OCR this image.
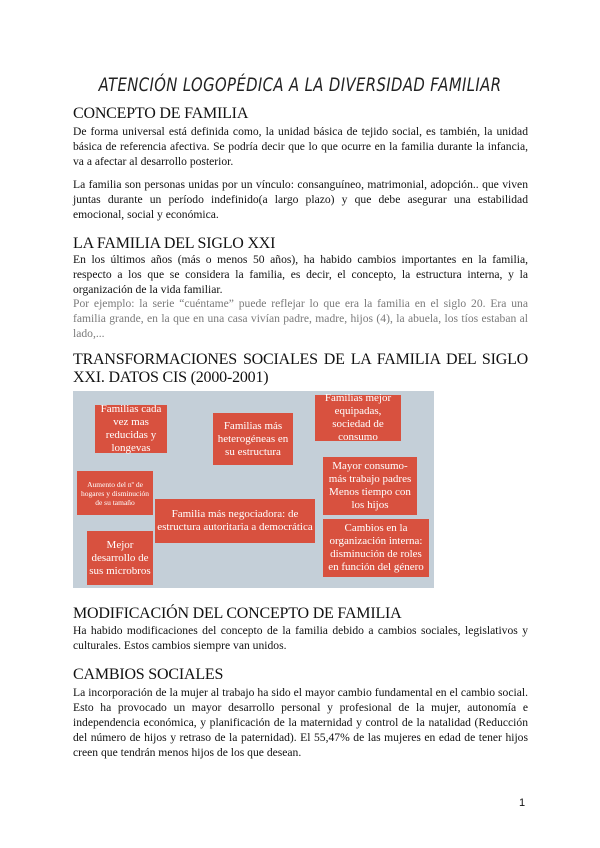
ATENCIÓN LOGOPÉDICA A LA DIVERSIDAD FAMILIAR
CONCEPTO DE FAMILIA

De forma universal está definida como, la unidad básica de tejido social, es también, la unidad básica de referencia afectiva. Se podría decir que lo que ocurre en la familia durante la infancia, va a afectar al desarrollo posterior.

La familia son personas unidas por un vínculo: consanguíneo, matrimonial, adopción.. que viven juntas durante un período indefinido(a largo plazo) y que debe asegurar una estabilidad emocional, social y económica.

LA FAMILIA DEL SIGLO XXI

En los últimos años (más o menos 50 años), ha habido cambios importantes en la familia, respecto a los que se considera la familia, es decir, el concepto, la estructura interna, y la organización de la vida familiar.

Por ejemplo: la serie “cuéntame” puede reflejar lo que era la familia en el siglo 20. Era una familia grande, en la que en una casa vivían padre, madre, hijos (4), la abuela, los tíos estaban al lado,...

TRANSFORMACIONES SOCIALES DE LA FAMILIA DEL SIGLO XXI. DATOS CIS (2000-2001)
Familias cada vez mas reducidas y longevas
Familias más heterogéneas en su estructura
Familias mejor equipadas, sociedad de consumo
Aumento del nº de hogares y disminución de su tamaño
Mayor consumo-más trabajo padres Menos tiempo con los hijos
Familia más negociadora: de estructura autoritaria a democrática
Mejor desarrollo de sus microbros
Cambios en la organización interna: disminución de roles en función del género
MODIFICACIÓN DEL CONCEPTO DE FAMILIA

Ha habido modificaciones del concepto de la familia debido a cambios sociales, legislativos y culturales. Estos cambios siempre van unidos.

CAMBIOS SOCIALES

La incorporación de la mujer al trabajo ha sido el mayor cambio fundamental en el cambio social. Esto ha provocado un mayor desarrollo personal y profesional de la mujer, autonomía e independencia económica, y planificación de la maternidad y control de la natalidad (Reducción del número de hijos y retraso de la paternidad). El 55,47% de las mujeres en edad de tener hijos creen que tendrán menos hijos de los que desean.

1
